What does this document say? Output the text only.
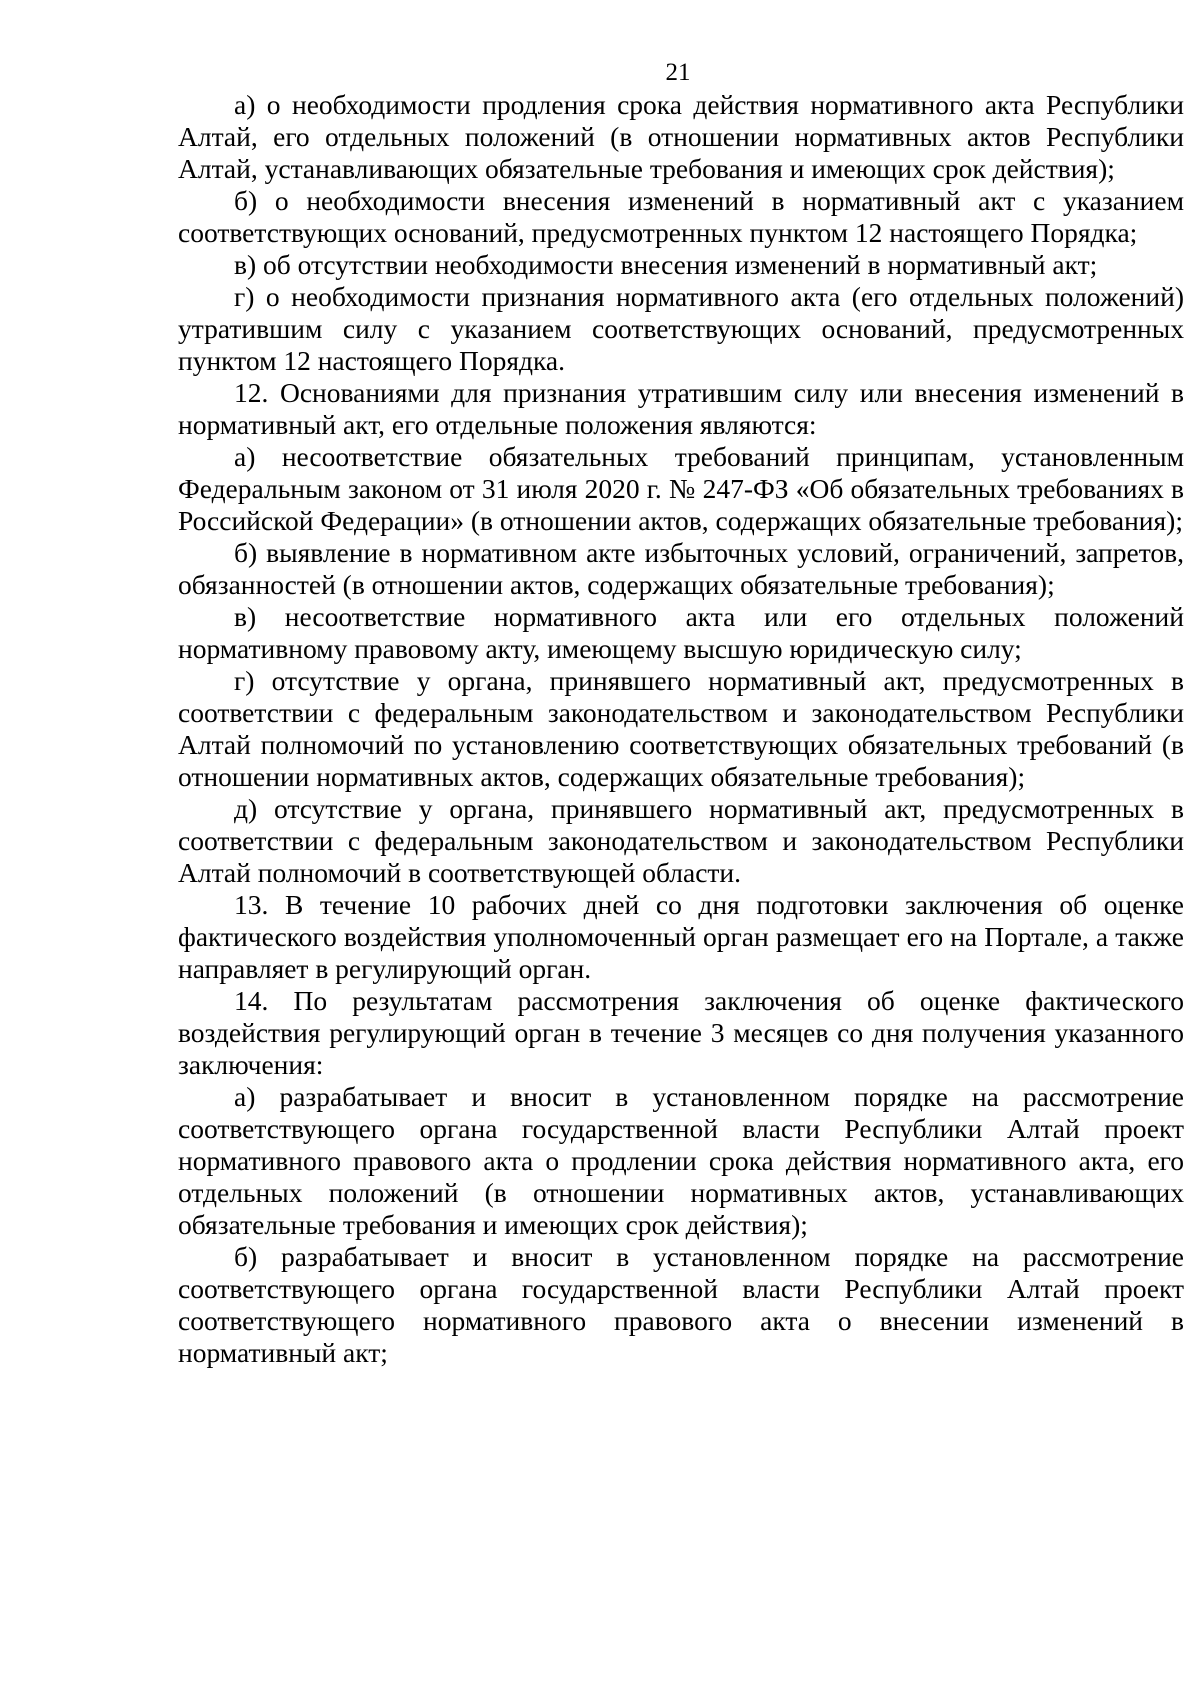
21

а) о необходимости продления срока действия нормативного акта Республики Алтай, его отдельных положений (в отношении нормативных актов Республики Алтай, устанавливающих обязательные требования и имеющих срок действия);

б) о необходимости внесения изменений в нормативный акт с указанием соответствующих оснований, предусмотренных пунктом 12 настоящего Порядка;

в) об отсутствии необходимости внесения изменений в нормативный акт;

г) о необходимости признания нормативного акта (его отдельных положений) утратившим силу с указанием соответствующих оснований, предусмотренных пунктом 12 настоящего Порядка.

12. Основаниями для признания утратившим силу или внесения изменений в нормативный акт, его отдельные положения являются:

а) несоответствие обязательных требований принципам, установленным Федеральным законом от 31 июля 2020 г. № 247-ФЗ «Об обязательных требованиях в Российской Федерации» (в отношении актов, содержащих обязательные требования);

б) выявление в нормативном акте избыточных условий, ограничений, запретов, обязанностей (в отношении актов, содержащих обязательные требования);

в) несоответствие нормативного акта или его отдельных положений нормативному правовому акту, имеющему высшую юридическую силу;

г) отсутствие у органа, принявшего нормативный акт, предусмотренных в соответствии с федеральным законодательством и законодательством Республики Алтай полномочий по установлению соответствующих обязательных требований (в отношении нормативных актов, содержащих обязательные требования);

д) отсутствие у органа, принявшего нормативный акт, предусмотренных в соответствии с федеральным законодательством и законодательством Республики Алтай полномочий в соответствующей области.

13. В течение 10 рабочих дней со дня подготовки заключения об оценке фактического воздействия уполномоченный орган размещает его на Портале, а также направляет в регулирующий орган.

14. По результатам рассмотрения заключения об оценке фактического воздействия регулирующий орган в течение 3 месяцев со дня получения указанного заключения:

а) разрабатывает и вносит в установленном порядке на рассмотрение соответствующего органа государственной власти Республики Алтай проект нормативного правового акта о продлении срока действия нормативного акта, его отдельных положений (в отношении нормативных актов, устанавливающих обязательные требования и имеющих срок действия);

б) разрабатывает и вносит в установленном порядке на рассмотрение соответствующего органа государственной власти Республики Алтай проект соответствующего нормативного правового акта о внесении изменений в нормативный акт;
